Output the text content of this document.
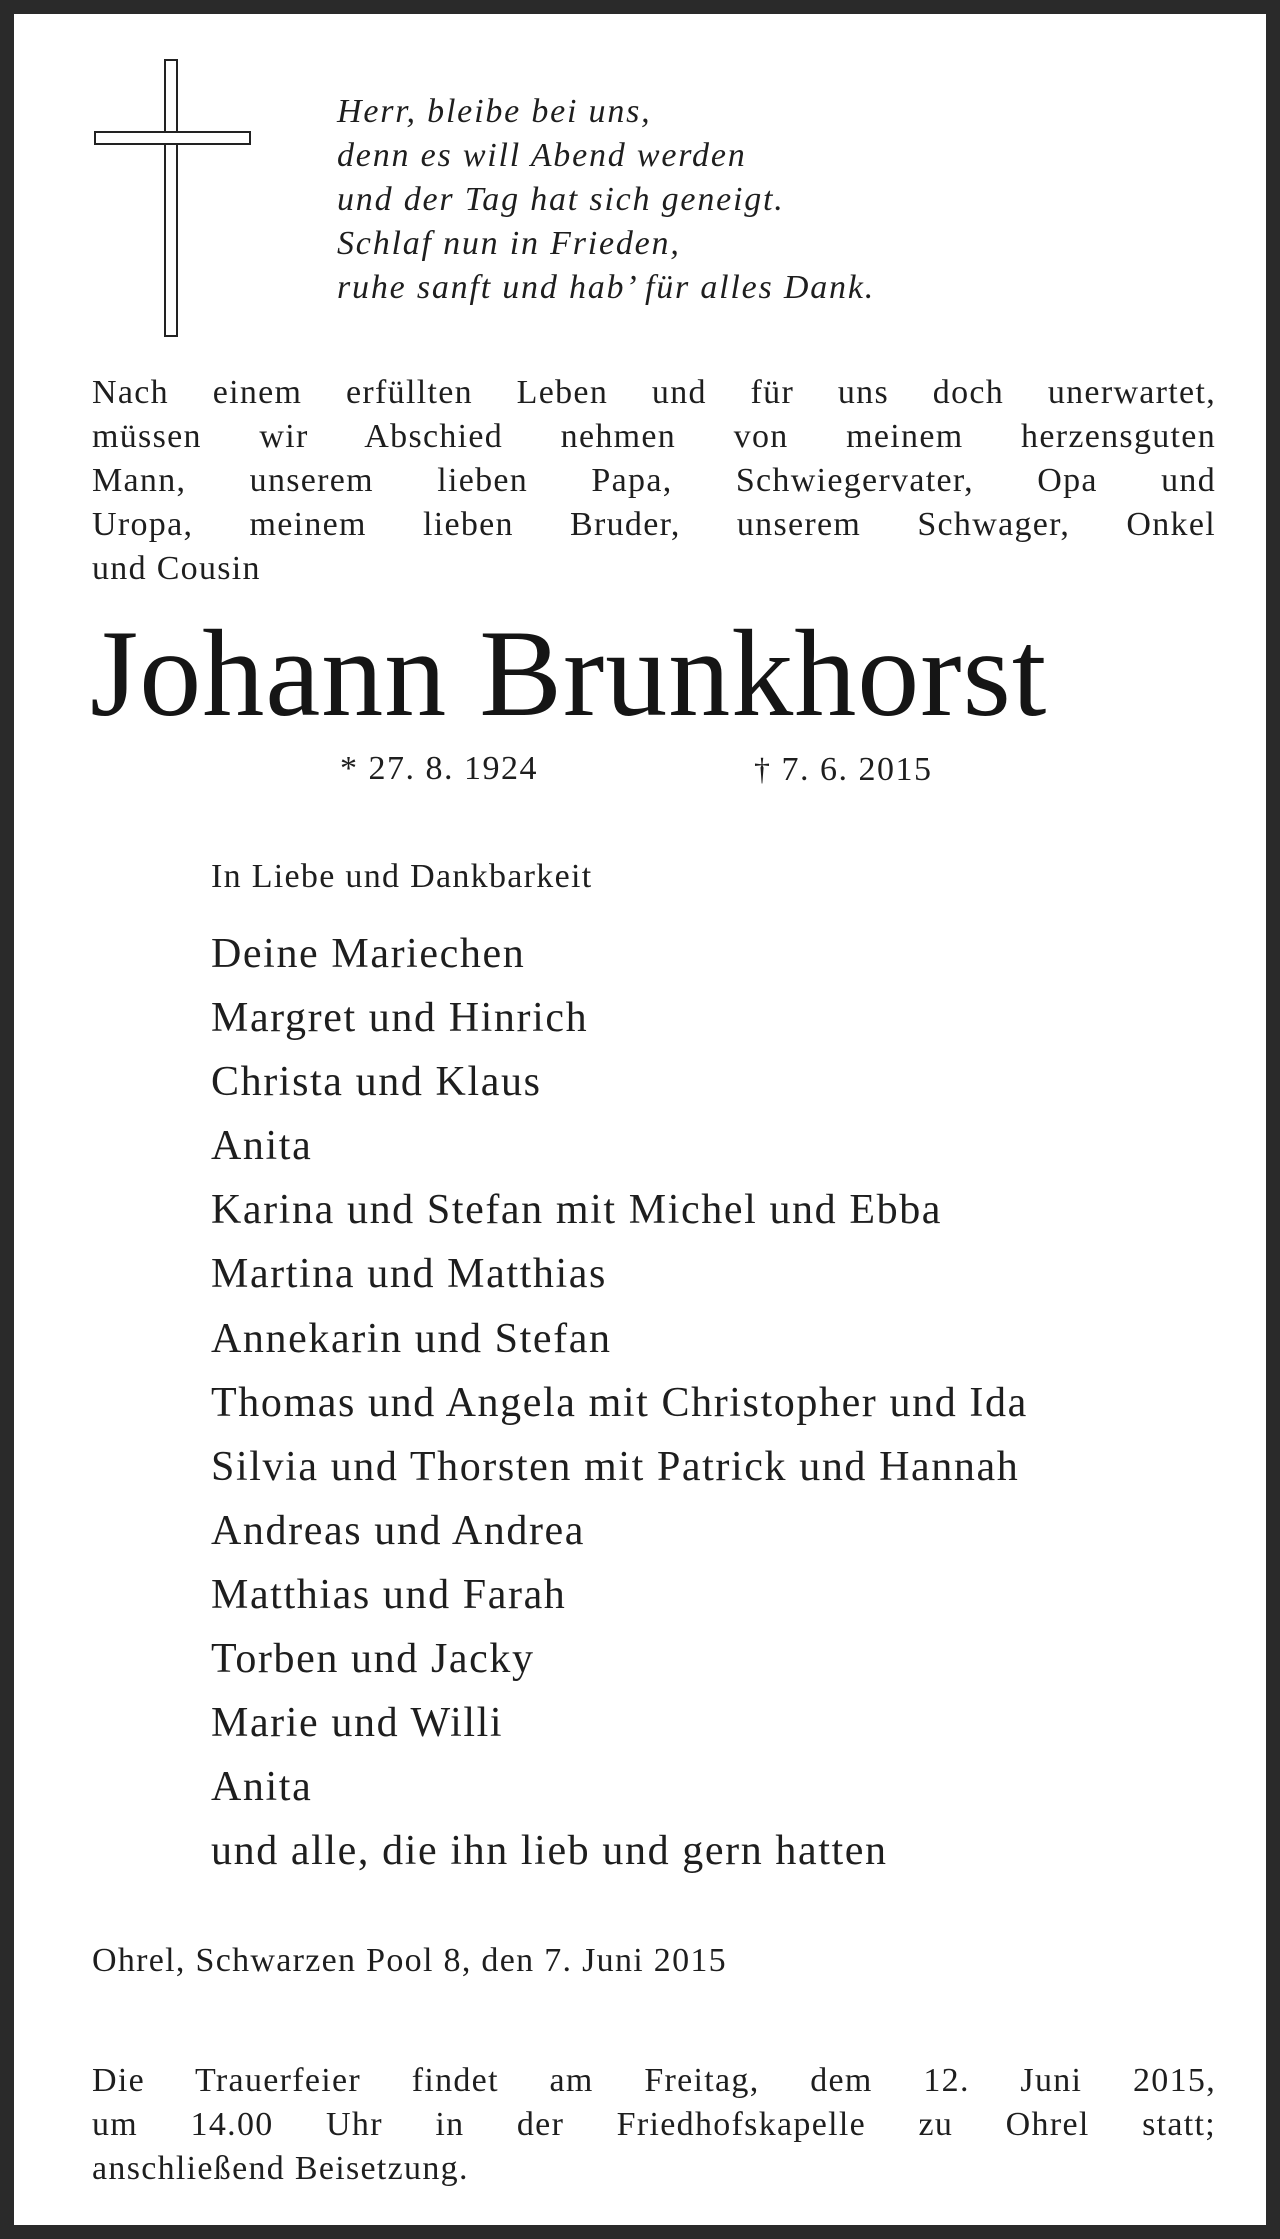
Herr, bleibe bei uns,
denn es will Abend werden
und der Tag hat sich geneigt.
Schlaf nun in Frieden,
ruhe sanft und hab’ für alles Dank.
Nach einem erfüllten Leben und für uns doch unerwartet,
müssen wir Abschied nehmen von meinem herzensguten
Mann, unserem lieben Papa, Schwiegervater, Opa und
Uropa, meinem lieben Bruder, unserem Schwager, Onkel
und Cousin
Johann Brunkhorst
* 27. 8. 1924	† 7. 6. 2015
In Liebe und Dankbarkeit
Deine Mariechen
Margret und Hinrich
Christa und Klaus
Anita
Karina und Stefan mit Michel und Ebba
Martina und Matthias
Annekarin und Stefan
Thomas und Angela mit Christopher und Ida
Silvia und Thorsten mit Patrick und Hannah
Andreas und Andrea
Matthias und Farah
Torben und Jacky
Marie und Willi
Anita
und alle, die ihn lieb und gern hatten
Ohrel, Schwarzen Pool 8, den 7. Juni 2015
Die Trauerfeier findet am Freitag, dem 12. Juni 2015,
um 14.00 Uhr in der Friedhofskapelle zu Ohrel statt;
anschließend Beisetzung.
